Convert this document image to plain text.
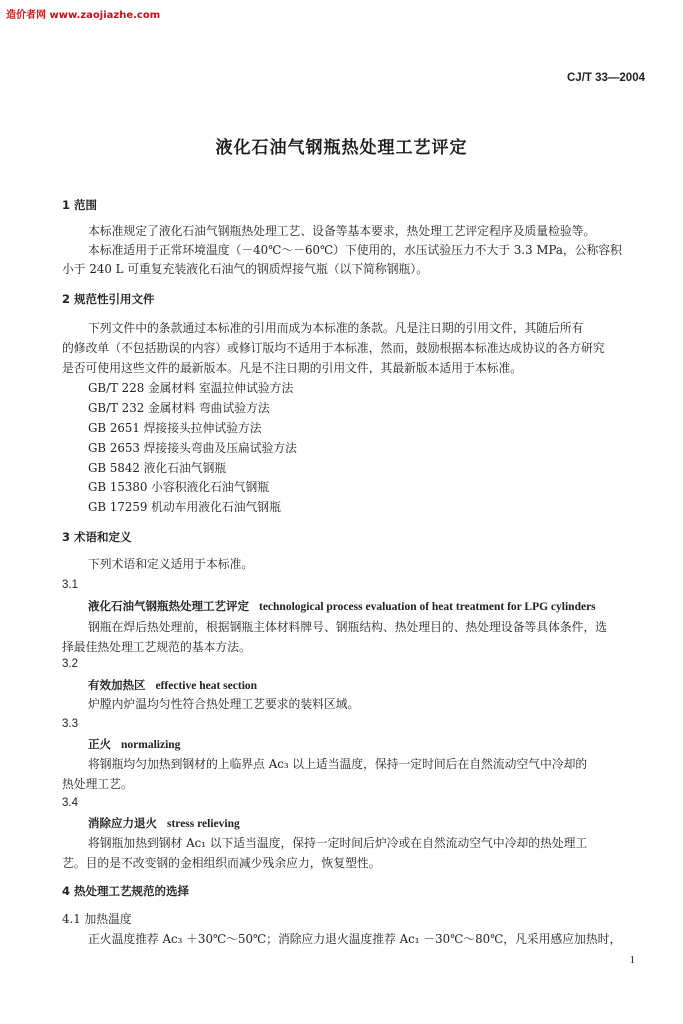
造价者网 www.zaojiazhe.com
CJ/T 33—2004
液化石油气钢瓶热处理工艺评定
1 范围
本标准规定了液化石油气钢瓶热处理工艺、设备等基本要求，热处理工艺评定程序及质量检验等。
本标准适用于正常环境温度（－40℃～－60℃）下使用的，水压试验压力不大于 3.3 MPa，公称容积
小于 240 L 可重复充装液化石油气的钢质焊接气瓶（以下简称钢瓶）。
2 规范性引用文件
下列文件中的条款通过本标准的引用而成为本标准的条款。凡是注日期的引用文件，其随后所有
的修改单（不包括勘误的内容）或修订版均不适用于本标准，然而，鼓励根据本标准达成协议的各方研究
是否可使用这些文件的最新版本。凡是不注日期的引用文件，其最新版本适用于本标准。
GB/T 228 金属材料 室温拉伸试验方法
GB/T 232 金属材料 弯曲试验方法
GB 2651 焊接接头拉伸试验方法
GB 2653 焊接接头弯曲及压扁试验方法
GB 5842 液化石油气钢瓶
GB 15380 小容积液化石油气钢瓶
GB 17259 机动车用液化石油气钢瓶
3 术语和定义
下列术语和定义适用于本标准。
3.1
液化石油气钢瓶热处理工艺评定 technological process evaluation of heat treatment for LPG cylinders
钢瓶在焊后热处理前，根据钢瓶主体材料牌号、钢瓶结构、热处理目的、热处理设备等具体条件，选
择最佳热处理工艺规范的基本方法。
3.2
有效加热区 effective heat section
炉膛内炉温均匀性符合热处理工艺要求的装料区域。
3.3
正火 normalizing
将钢瓶均匀加热到钢材的上临界点 Ac₃ 以上适当温度，保持一定时间后在自然流动空气中冷却的
热处理工艺。
3.4
消除应力退火 stress relieving
将钢瓶加热到钢材 Ac₁ 以下适当温度，保持一定时间后炉冷或在自然流动空气中冷却的热处理工
艺。目的是不改变钢的金相组织而减少残余应力，恢复塑性。
4 热处理工艺规范的选择
4.1 加热温度
正火温度推荐 Ac₃ ＋30℃～50℃；消除应力退火温度推荐 Ac₁ －30℃～80℃，凡采用感应加热时，
1
